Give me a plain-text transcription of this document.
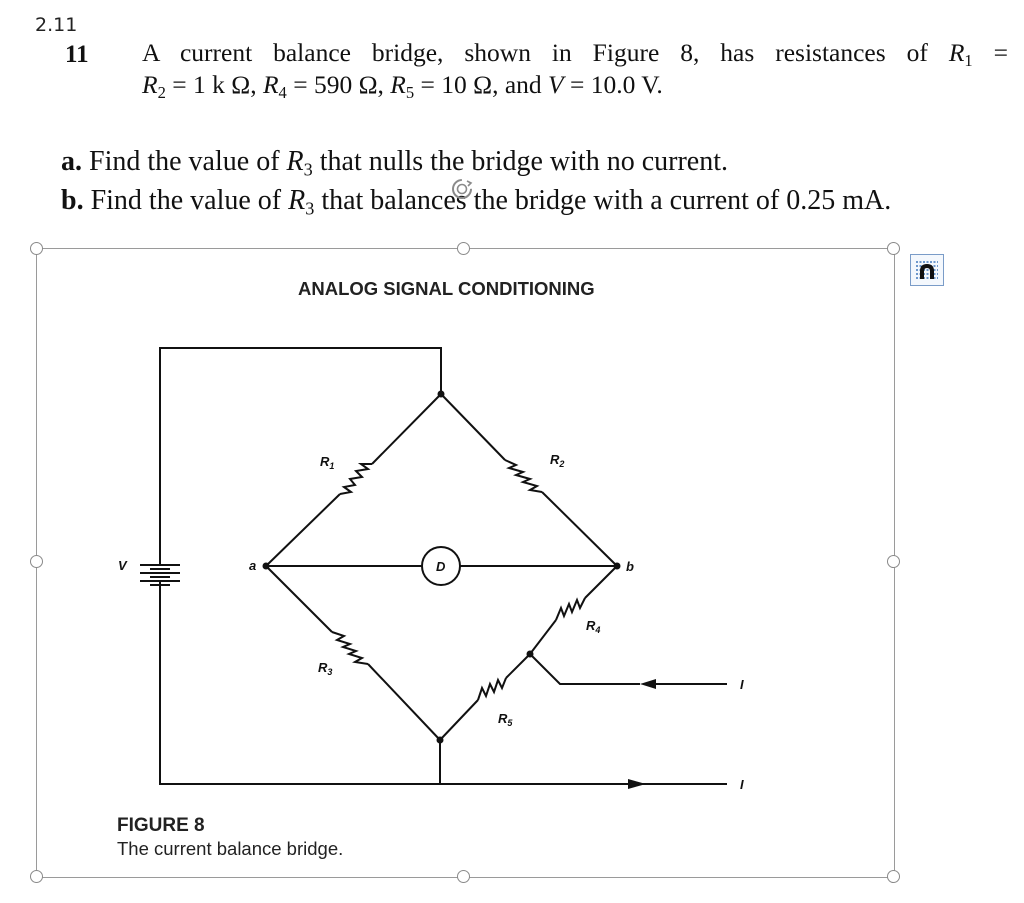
2.11
11 A current balance bridge, shown in Figure 8, has resistances of $R_1$ =
$R_2 = 1$ k Ω, $R_4 = 590$ Ω, $R_5 = 10$ Ω, and V = 10.0 V.
a. Find the value of $R_3$ that nulls the bridge with no current.
b. Find the value of $R_3$ that balances the bridge with a current of 0.25 mA.
ANALOG SIGNAL CONDITIONING
FIGURE 8
The current balance bridge.
V	a	b
D
$R_1$	$R_2$
$R_3$
$R_4$
$R_5$
I
I
